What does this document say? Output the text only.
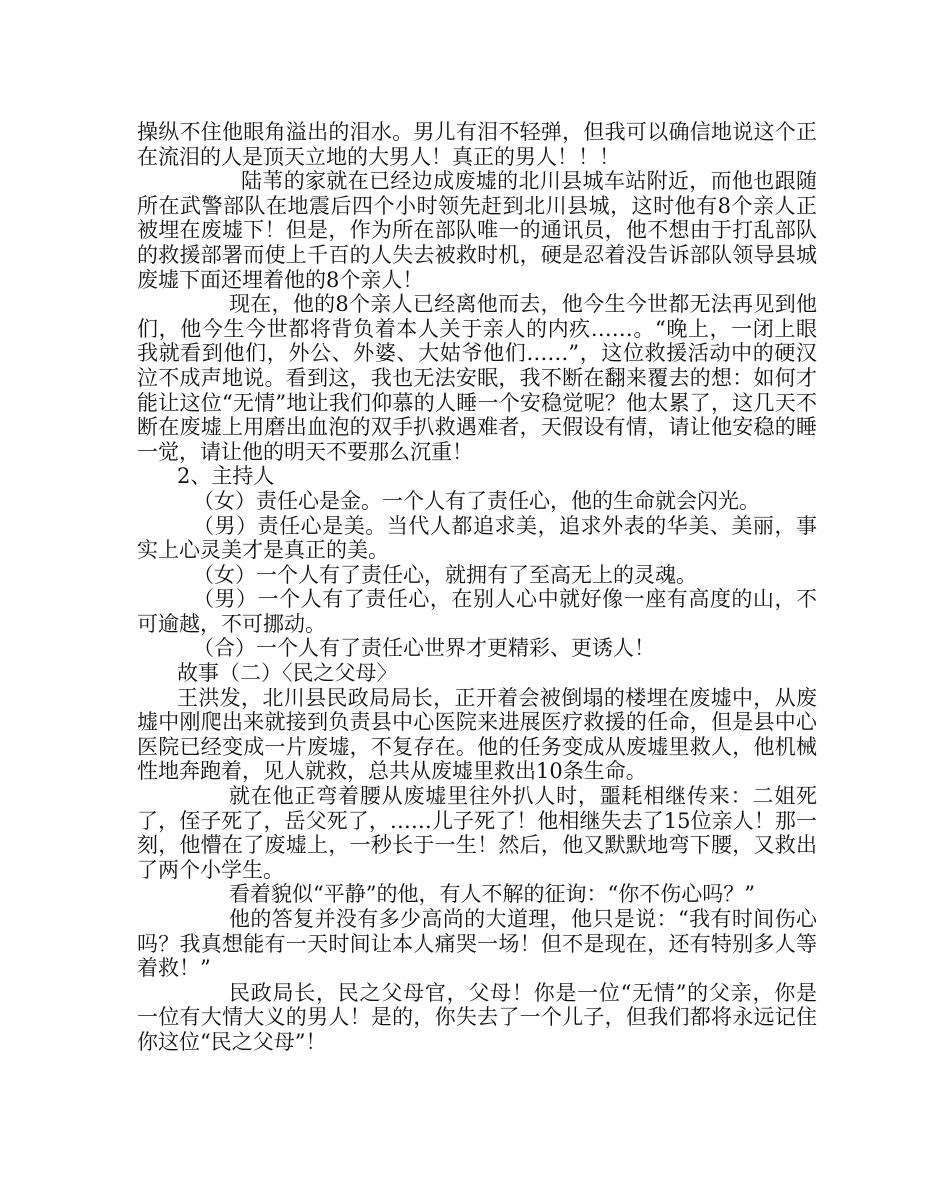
操纵不住他眼角溢出的泪水。男儿有泪不轻弹，但我可以确信地说这个正在流泪的人是顶天立地的大男人！真正的男人！！！

陆苇的家就在已经边成废墟的北川县城车站附近，而他也跟随所在武警部队在地震后四个小时领先赶到北川县城，这时他有8个亲人正被埋在废墟下！但是，作为所在部队唯一的通讯员，他不想由于打乱部队的救援部署而使上千百的人失去被救时机，硬是忍着没告诉部队领导县城废墟下面还埋着他的8个亲人！

现在，他的8个亲人已经离他而去，他今生今世都无法再见到他们，他今生今世都将背负着本人关于亲人的内疚……。“晚上，一闭上眼我就看到他们，外公、外婆、大姑爷他们……”，这位救援活动中的硬汉泣不成声地说。看到这，我也无法安眠，我不断在翻来覆去的想：如何才能让这位“无情”地让我们仰慕的人睡一个安稳觉呢？他太累了，这几天不断在废墟上用磨出血泡的双手扒救遇难者，天假设有情，请让他安稳的睡一觉，请让他的明天不要那么沉重！

2、主持人

（女）责任心是金。一个人有了责任心，他的生命就会闪光。

（男）责任心是美。当代人都追求美，追求外表的华美、美丽，事实上心灵美才是真正的美。

（女）一个人有了责任心，就拥有了至高无上的灵魂。

（男）一个人有了责任心，在别人心中就好像一座有高度的山，不可逾越，不可挪动。

（合）一个人有了责任心世界才更精彩、更诱人！

故事（二）〈民之父母〉

王洪发，北川县民政局局长，正开着会被倒塌的楼埋在废墟中，从废墟中刚爬出来就接到负责县中心医院来进展医疗救援的任命，但是县中心医院已经变成一片废墟，不复存在。他的任务变成从废墟里救人，他机械性地奔跑着，见人就救，总共从废墟里救出10条生命。

就在他正弯着腰从废墟里往外扒人时，噩耗相继传来：二姐死了，侄子死了，岳父死了，……儿子死了！他相继失去了15位亲人！那一刻，他懵在了废墟上，一秒长于一生！然后，他又默默地弯下腰，又救出了两个小学生。

看着貌似“平静”的他，有人不解的征询：“你不伤心吗？”

他的答复并没有多少高尚的大道理，他只是说：“我有时间伤心吗？我真想能有一天时间让本人痛哭一场！但不是现在，还有特别多人等着救！”

民政局长，民之父母官，父母！你是一位“无情”的父亲，你是一位有大情大义的男人！是的，你失去了一个儿子，但我们都将永远记住你这位“民之父母”！
